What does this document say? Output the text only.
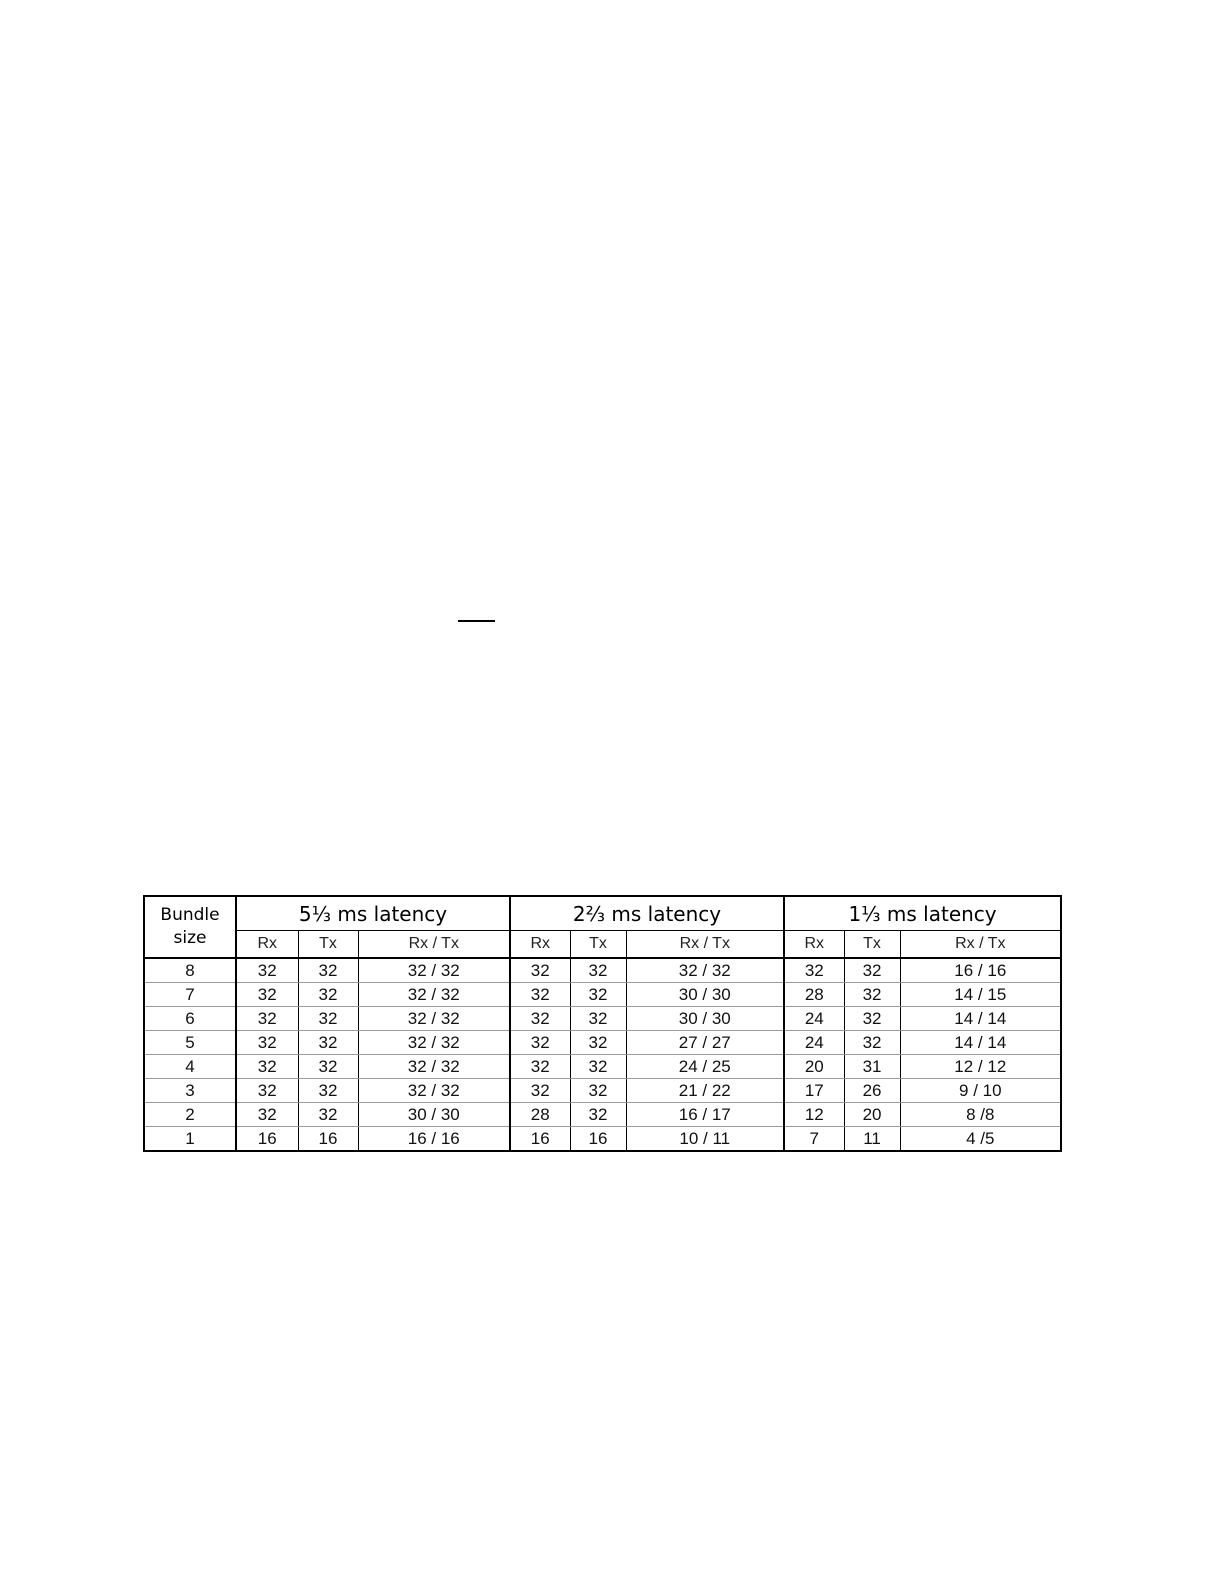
Bundle
size	5⅓ ms latency			2⅔ ms latency			1⅓ ms latency		
	Rx	Tx	Rx / Tx	Rx	Tx	Rx / Tx	Rx	Tx	Rx / Tx
8	32	32	32 / 32	32	32	32 / 32	32	32	16 / 16
7	32	32	32 / 32	32	32	30 / 30	28	32	14 / 15
6	32	32	32 / 32	32	32	30 / 30	24	32	14 / 14
5	32	32	32 / 32	32	32	27 / 27	24	32	14 / 14
4	32	32	32 / 32	32	32	24 / 25	20	31	12 / 12
3	32	32	32 / 32	32	32	21 / 22	17	26	9 / 10
2	32	32	30 / 30	28	32	16 / 17	12	20	8 /8
1	16	16	16 / 16	16	16	10 / 11	7	11	4 /5
